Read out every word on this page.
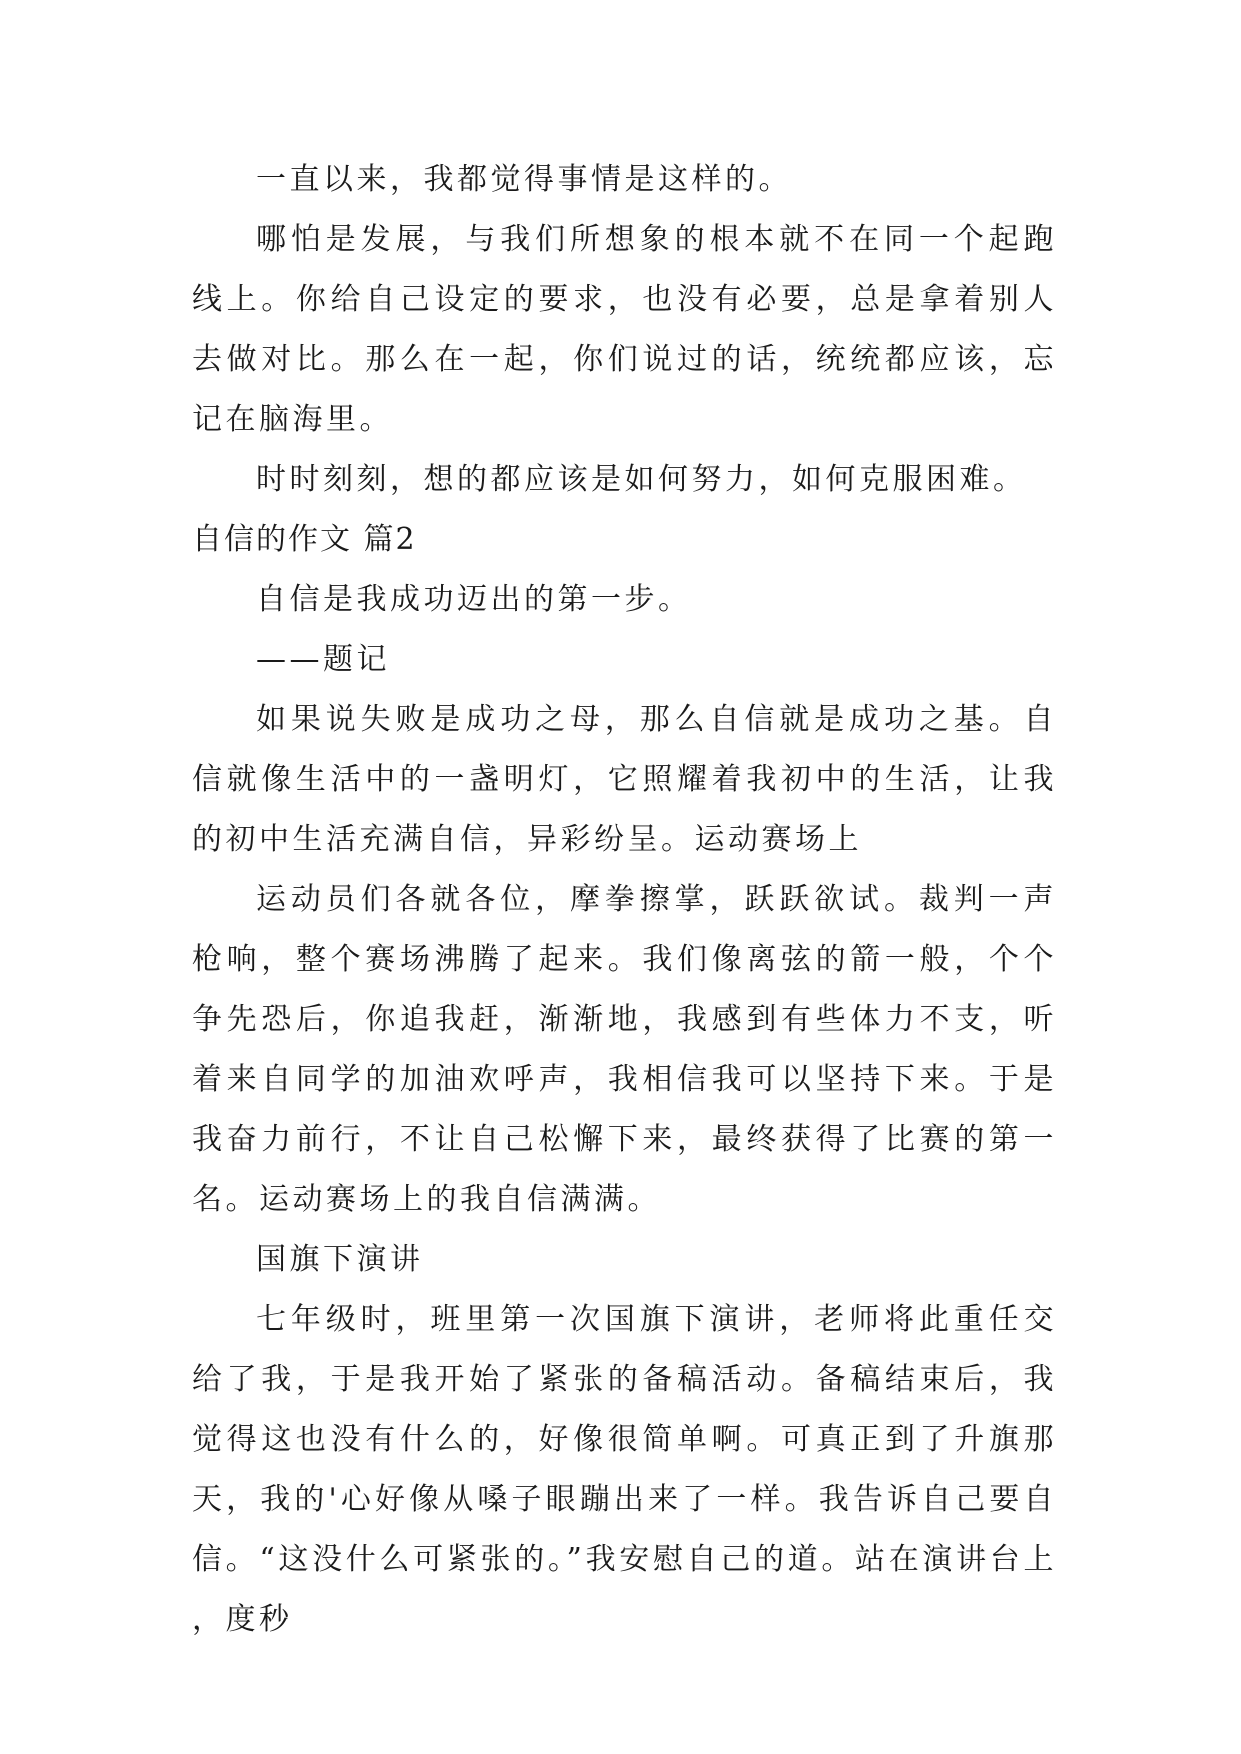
一直以来，我都觉得事情是这样的。

哪怕是发展，与我们所想象的根本就不在同一个起跑线上。你给自己设定的要求，也没有必要，总是拿着别人去做对比。那么在一起，你们说过的话，统统都应该，忘记在脑海里。

时时刻刻，想的都应该是如何努力，如何克服困难。

自信的作文 篇2

自信是我成功迈出的第一步。

——题记

如果说失败是成功之母，那么自信就是成功之基。自信就像生活中的一盏明灯，它照耀着我初中的生活，让我的初中生活充满自信，异彩纷呈。运动赛场上

运动员们各就各位，摩拳擦掌，跃跃欲试。裁判一声枪响，整个赛场沸腾了起来。我们像离弦的箭一般，个个争先恐后，你追我赶，渐渐地，我感到有些体力不支，听着来自同学的加油欢呼声，我相信我可以坚持下来。于是我奋力前行，不让自己松懈下来，最终获得了比赛的第一名。运动赛场上的我自信满满。

国旗下演讲

七年级时，班里第一次国旗下演讲，老师将此重任交给了我，于是我开始了紧张的备稿活动。备稿结束后，我觉得这也没有什么的，好像很简单啊。可真正到了升旗那天，我的'心好像从嗓子眼蹦出来了一样。我告诉自己要自信。“这没什么可紧张的。”我安慰自己的道。站在演讲台上，度秒
